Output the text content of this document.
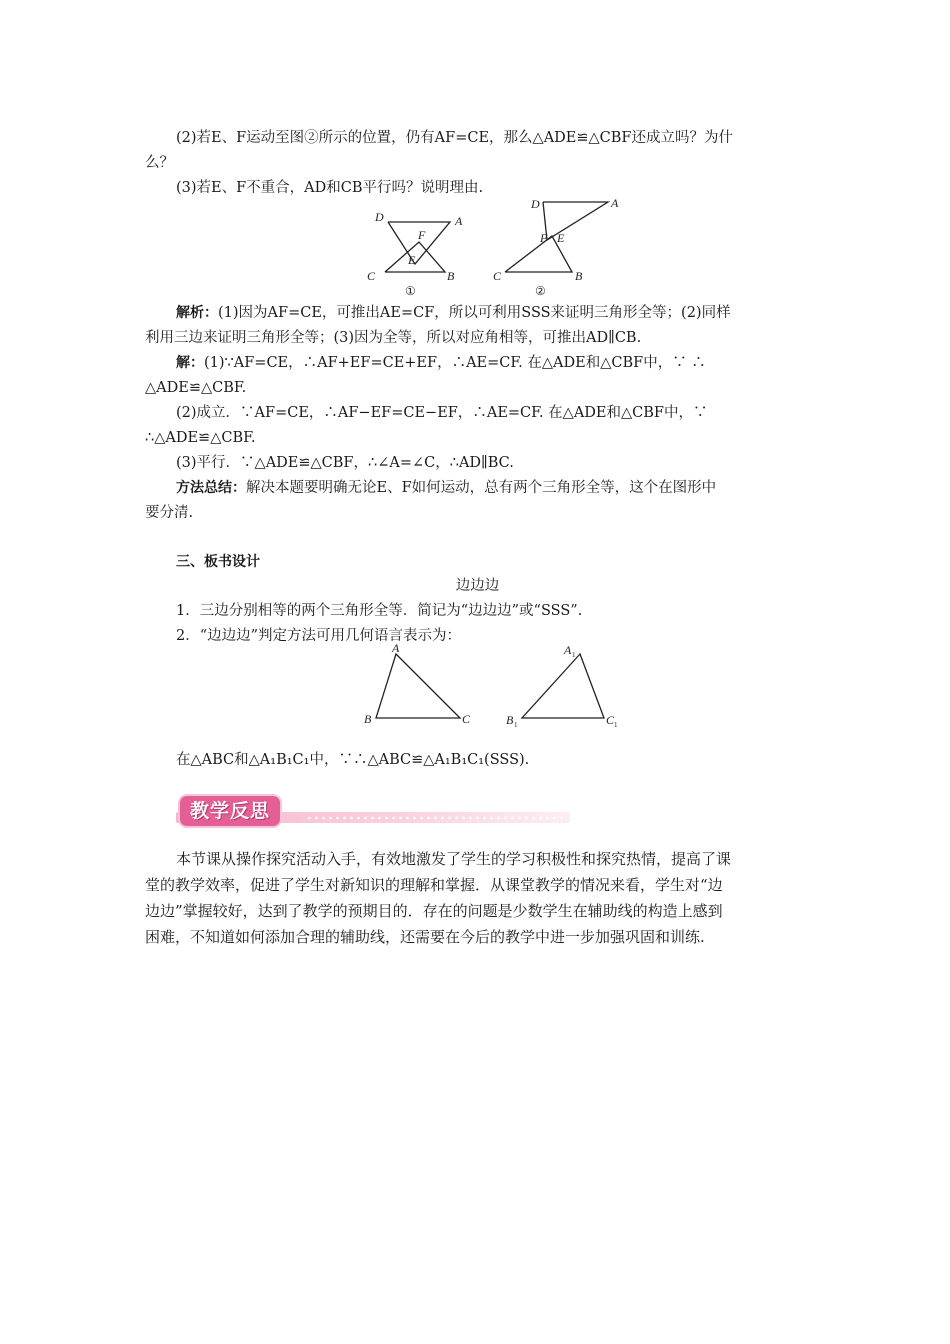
(2)若E、F运动至图②所示的位置，仍有AF=CE，那么△ADE≌△CBF还成立吗？为什
么？
(3)若E、F不重合，AD和CB平行吗？说明理由.
D	A
F
E
C	B
D	A
F E
C	B
①	②
解析：(1)因为AF=CE，可推出AE=CF，所以可利用SSS来证明三角形全等；(2)同样
利用三边来证明三角形全等；(3)因为全等，所以对应角相等，可推出AD∥CB.
解：(1)∵AF=CE，∴AF+EF=CE+EF，∴AE=CF. 在△ADE和△CBF中，∵ ∴
△ADE≌△CBF.
(2)成立．∵AF=CE，∴AF−EF=CE−EF，∴AE=CF. 在△ADE和△CBF中，∵
∴△ADE≌△CBF.
(3)平行．∵△ADE≌△CBF，∴∠A=∠C，∴AD∥BC.
方法总结：解决本题要明确无论E、F如何运动，总有两个三角形全等，这个在图形中
要分清.
三、板书设计
边边边
1．三边分别相等的两个三角形全等．简记为“边边边”或“SSS”.
2．“边边边”判定方法可用几何语言表示为：
A
B	C
A 1
B 1	C 1
在△ABC和△A₁B₁C₁中，∵∴△ABC≌△A₁B₁C₁(SSS).
教学反思
本节课从操作探究活动入手，有效地激发了学生的学习积极性和探究热情，提高了课
堂的教学效率，促进了学生对新知识的理解和掌握．从课堂教学的情况来看，学生对“边
边边”掌握较好，达到了教学的预期目的．存在的问题是少数学生在辅助线的构造上感到
困难，不知道如何添加合理的辅助线，还需要在今后的教学中进一步加强巩固和训练.
